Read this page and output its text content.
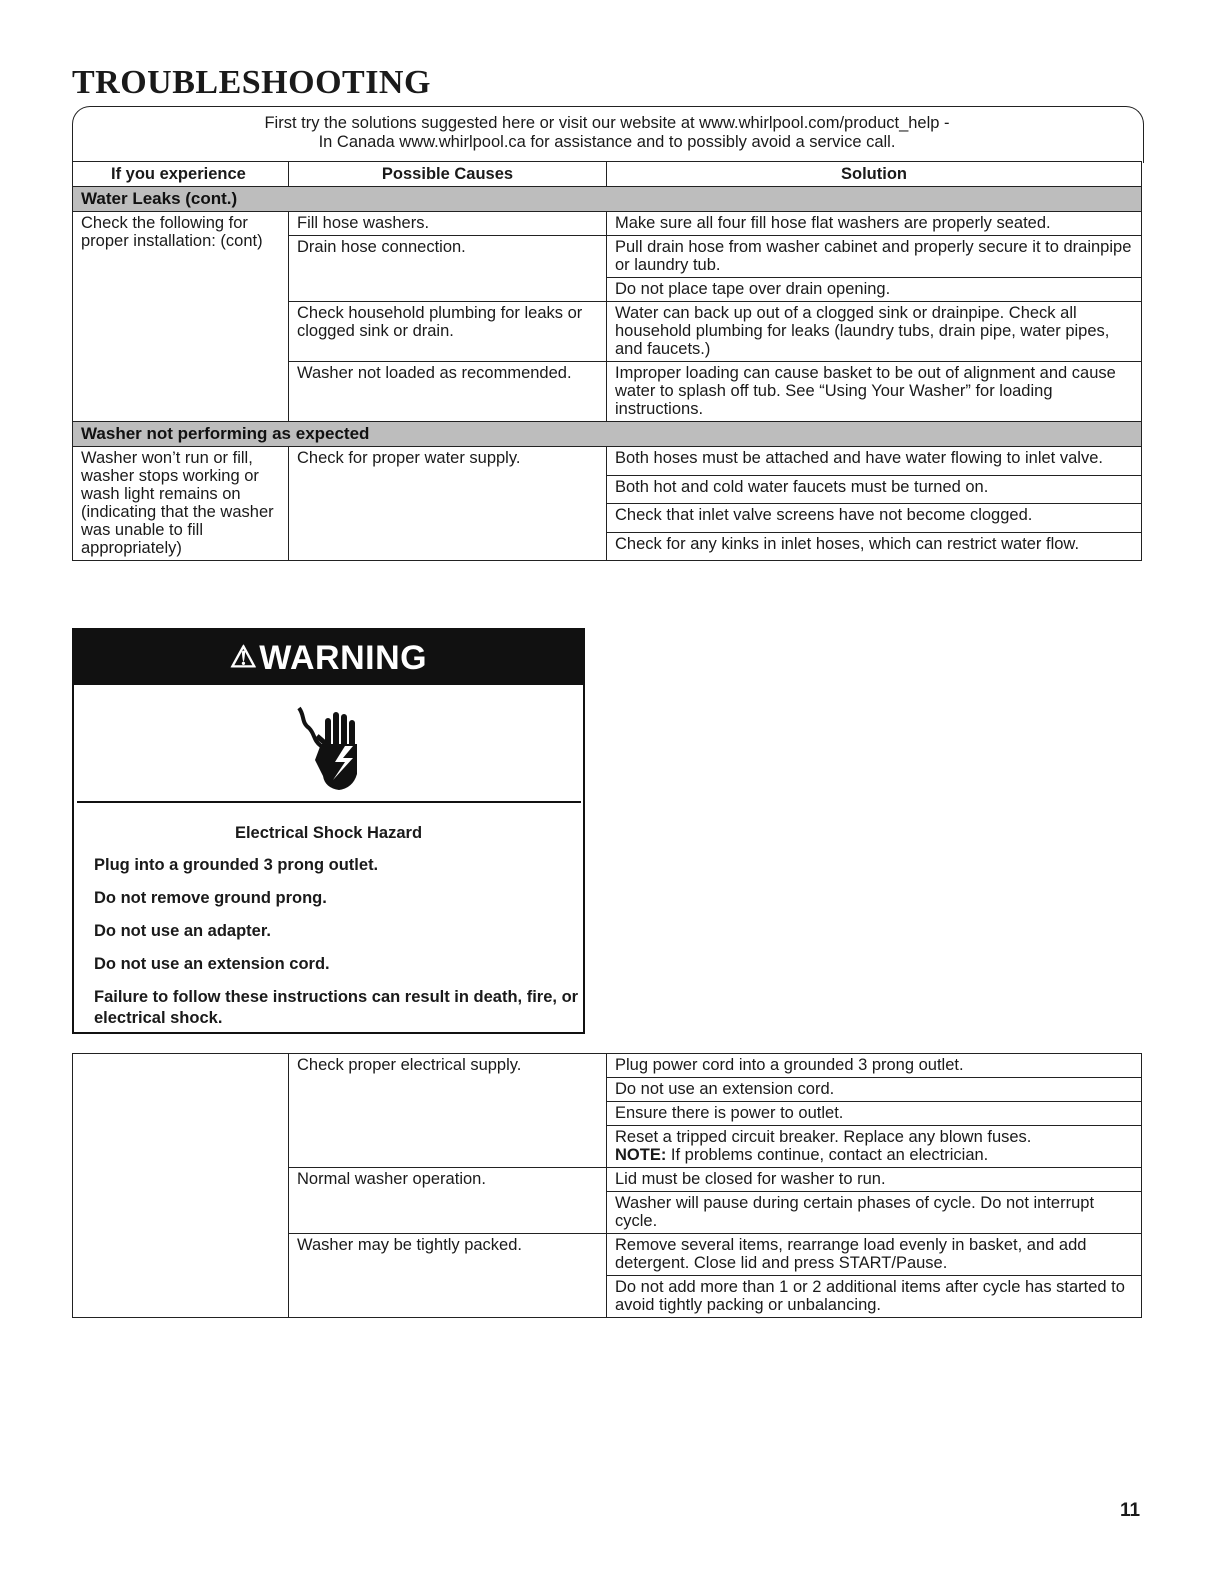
TROUBLESHOOTING
First try the solutions suggested here or visit our website at www.whirlpool.com/product_help -
In Canada www.whirlpool.ca for assistance and to possibly avoid a service call.
If you experience	Possible Causes	Solution
Water Leaks (cont.)		
Check the following for proper installation: (cont)	Fill hose washers.	Make sure all four fill hose flat washers are properly seated.
	Drain hose connection.	Pull drain hose from washer cabinet and properly secure it to drainpipe or laundry tub.
		Do not place tape over drain opening.
	Check household plumbing for leaks or clogged sink or drain.	Water can back up out of a clogged sink or drainpipe. Check all household plumbing for leaks (laundry tubs, drain pipe, water pipes, and faucets.)
	Washer not loaded as recommended.	Improper loading can cause basket to be out of alignment and cause water to splash off tub. See “Using Your Washer” for loading instructions.
Washer not performing as expected		
Washer won’t run or fill, washer stops working or wash light remains on (indicating that the washer was unable to fill appropriately)	Check for proper water supply.	Both hoses must be attached and have water flowing to inlet valve.
		Both hot and cold water faucets must be turned on.
		Check that inlet valve screens have not become clogged.
		Check for any kinks in inlet hoses, which can restrict water flow.
⚠WARNING
Electrical Shock Hazard
Plug into a grounded 3 prong outlet.
Do not remove ground prong.
Do not use an adapter.
Do not use an extension cord.
Failure to follow these instructions can result in death, fire, or electrical shock.
	Check proper electrical supply.	Plug power cord into a grounded 3 prong outlet.
		Do not use an extension cord.
		Ensure there is power to outlet.
		Reset a tripped circuit breaker. Replace any blown fuses.
NOTE: If problems continue, contact an electrician.
	Normal washer operation.	Lid must be closed for washer to run.
		Washer will pause during certain phases of cycle. Do not interrupt cycle.
	Washer may be tightly packed.	Remove several items, rearrange load evenly in basket, and add detergent. Close lid and press START/Pause.
		Do not add more than 1 or 2 additional items after cycle has started to avoid tightly packing or unbalancing.
11
